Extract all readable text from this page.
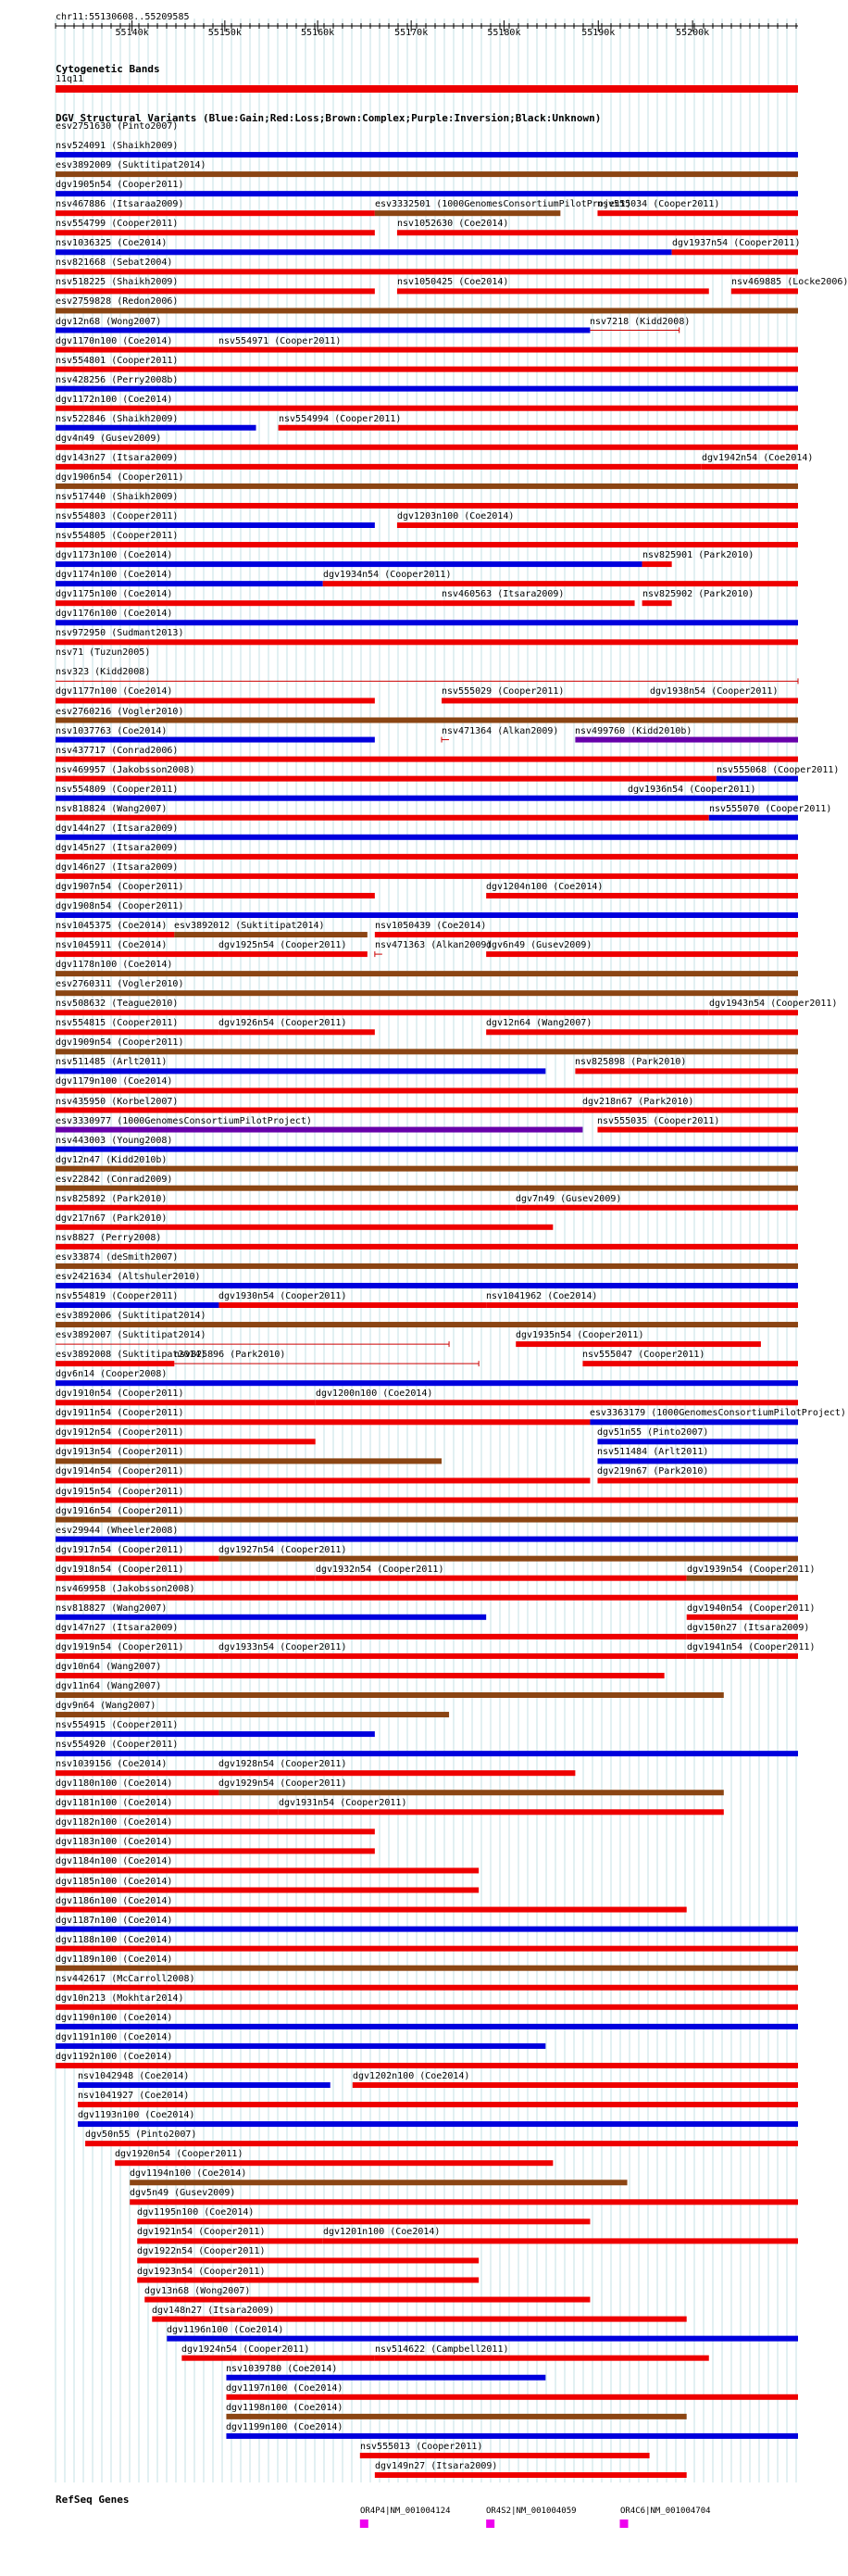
chr11:55130608..55209585
Cytogenetic Bands
11q11
DGV Structural Variants (Blue:Gain;Red:Loss;Brown:Complex;Purple:Inversion;Black:Unknown)
RefSeq Genes
55140k	55150k	55160k	55170k	55180k	55190k	55200k
esv2751630 (Pinto2007)
nsv524091 (Shaikh2009)
esv3892009 (Suktitipat2014)
dgv1905n54 (Cooper2011)
nsv467886 (Itsaraa2009)	esv3332501 (1000GenomesConsortiumPilotProject)
nsv555034 (Cooper2011)
nsv554799 (Cooper2011)	nsv1052630 (Coe2014)
nsv1036325 (Coe2014)	dgv1937n54 (Cooper2011)
nsv821668 (Sebat2004)
nsv518225 (Shaikh2009)	nsv1050425 (Coe2014)	nsv469885 (Locke2006)
esv2759828 (Redon2006)
dgv12n68 (Wong2007)	nsv7218 (Kidd2008)
dgv1170n100 (Coe2014)	nsv554971 (Cooper2011)
nsv554801 (Cooper2011)
nsv428256 (Perry2008b)
dgv1172n100 (Coe2014)
nsv522846 (Shaikh2009)	nsv554994 (Cooper2011)
dgv4n49 (Gusev2009)
dgv143n27 (Itsara2009)	dgv1942n54 (Coe2014)
dgv1906n54 (Cooper2011)
nsv517440 (Shaikh2009)
nsv554803 (Cooper2011)	dgv1203n100 (Coe2014)
nsv554805 (Cooper2011)
dgv1173n100 (Coe2014)	nsv825901 (Park2010)
dgv1174n100 (Coe2014)	dgv1934n54 (Cooper2011)
dgv1175n100 (Coe2014)	nsv460563 (Itsara2009)	nsv825902 (Park2010)
dgv1176n100 (Coe2014)
nsv972950 (Sudmant2013)
nsv71 (Tuzun2005)
nsv323 (Kidd2008)
dgv1177n100 (Coe2014)	nsv555029 (Cooper2011)	dgv1938n54 (Cooper2011)
esv2760216 (Vogler2010)
nsv1037763 (Coe2014)	nsv471364 (Alkan2009) nsv499760 (Kidd2010b)
nsv437717 (Conrad2006)
nsv469957 (Jakobsson2008)	nsv555068 (Cooper2011)
nsv554809 (Cooper2011)	dgv1936n54 (Cooper2011)
nsv818824 (Wang2007)	nsv555070 (Cooper2011)
dgv144n27 (Itsara2009)
dgv145n27 (Itsara2009)
dgv146n27 (Itsara2009)
dgv1907n54 (Cooper2011)	dgv1204n100 (Coe2014)
dgv1908n54 (Cooper2011)
nsv1045375 (Coe2014) esv3892012 (Suktitipat2014)	nsv1050439 (Coe2014)
nsv1045911 (Coe2014)	dgv1925n54 (Cooper2011)	nsv471363 (Alkan2009)
dgv6n49 (Gusev2009)
dgv1178n100 (Coe2014)
esv2760311 (Vogler2010)
nsv508632 (Teague2010)	dgv1943n54 (Cooper2011)
nsv554815 (Cooper2011)	dgv1926n54 (Cooper2011)	dgv12n64 (Wang2007)
dgv1909n54 (Cooper2011)
nsv511485 (Arlt2011)	nsv825898 (Park2010)
dgv1179n100 (Coe2014)
nsv435950 (Korbel2007)	dgv218n67 (Park2010)
esv3330977 (1000GenomesConsortiumPilotProject)	nsv555035 (Cooper2011)
nsv443003 (Young2008)
dgv12n47 (Kidd2010b)
esv22842 (Conrad2009)
nsv825892 (Park2010)	dgv7n49 (Gusev2009)
dgv217n67 (Park2010)
nsv8827 (Perry2008)
esv33874 (deSmith2007)
esv2421634 (Altshuler2010)
nsv554819 (Cooper2011)	dgv1930n54 (Cooper2011)	nsv1041962 (Coe2014)
esv3892006 (Suktitipat2014)
esv3892007 (Suktitipat2014)	dgv1935n54 (Cooper2011)
esv3892008 (Suktitipat2014)
nsv825896 (Park2010)	nsv555047 (Cooper2011)
dgv6n14 (Cooper2008)
dgv1910n54 (Cooper2011)	dgv1200n100 (Coe2014)
dgv1911n54 (Cooper2011)	esv3363179 (1000GenomesConsortiumPilotProject)
dgv1912n54 (Cooper2011)	dgv51n55 (Pinto2007)
dgv1913n54 (Cooper2011)	nsv511484 (Arlt2011)
dgv1914n54 (Cooper2011)	dgv219n67 (Park2010)
dgv1915n54 (Cooper2011)
dgv1916n54 (Cooper2011)
esv29944 (Wheeler2008)
dgv1917n54 (Cooper2011)	dgv1927n54 (Cooper2011)
dgv1918n54 (Cooper2011)	dgv1932n54 (Cooper2011)	dgv1939n54 (Cooper2011)
nsv469958 (Jakobsson2008)
nsv818827 (Wang2007)	dgv1940n54 (Cooper2011)
dgv147n27 (Itsara2009)	dgv150n27 (Itsara2009)
dgv1919n54 (Cooper2011)	dgv1933n54 (Cooper2011)	dgv1941n54 (Cooper2011)
dgv10n64 (Wang2007)
dgv11n64 (Wang2007)
dgv9n64 (Wang2007)
nsv554915 (Cooper2011)
nsv554920 (Cooper2011)
nsv1039156 (Coe2014)	dgv1928n54 (Cooper2011)
dgv1180n100 (Coe2014)	dgv1929n54 (Cooper2011)
dgv1181n100 (Coe2014)	dgv1931n54 (Cooper2011)
dgv1182n100 (Coe2014)
dgv1183n100 (Coe2014)
dgv1184n100 (Coe2014)
dgv1185n100 (Coe2014)
dgv1186n100 (Coe2014)
dgv1187n100 (Coe2014)
dgv1188n100 (Coe2014)
dgv1189n100 (Coe2014)
nsv442617 (McCarroll2008)
dgv10n213 (Mokhtar2014)
dgv1190n100 (Coe2014)
dgv1191n100 (Coe2014)
dgv1192n100 (Coe2014)
nsv1042948 (Coe2014)	dgv1202n100 (Coe2014)
nsv1041927 (Coe2014)
dgv1193n100 (Coe2014)
dgv50n55 (Pinto2007)
dgv1920n54 (Cooper2011)
dgv1194n100 (Coe2014)
dgv5n49 (Gusev2009)
dgv1195n100 (Coe2014)
dgv1921n54 (Cooper2011)	dgv1201n100 (Coe2014)
dgv1922n54 (Cooper2011)
dgv1923n54 (Cooper2011)
dgv13n68 (Wong2007)
dgv148n27 (Itsara2009)
dgv1196n100 (Coe2014)
dgv1924n54 (Cooper2011)	nsv514622 (Campbell2011)
nsv1039780 (Coe2014)
dgv1197n100 (Coe2014)
dgv1198n100 (Coe2014)
dgv1199n100 (Coe2014)
nsv555013 (Cooper2011)
dgv149n27 (Itsara2009)
OR4P4|NM_001004124	OR4S2|NM_001004059	OR4C6|NM_001004704
